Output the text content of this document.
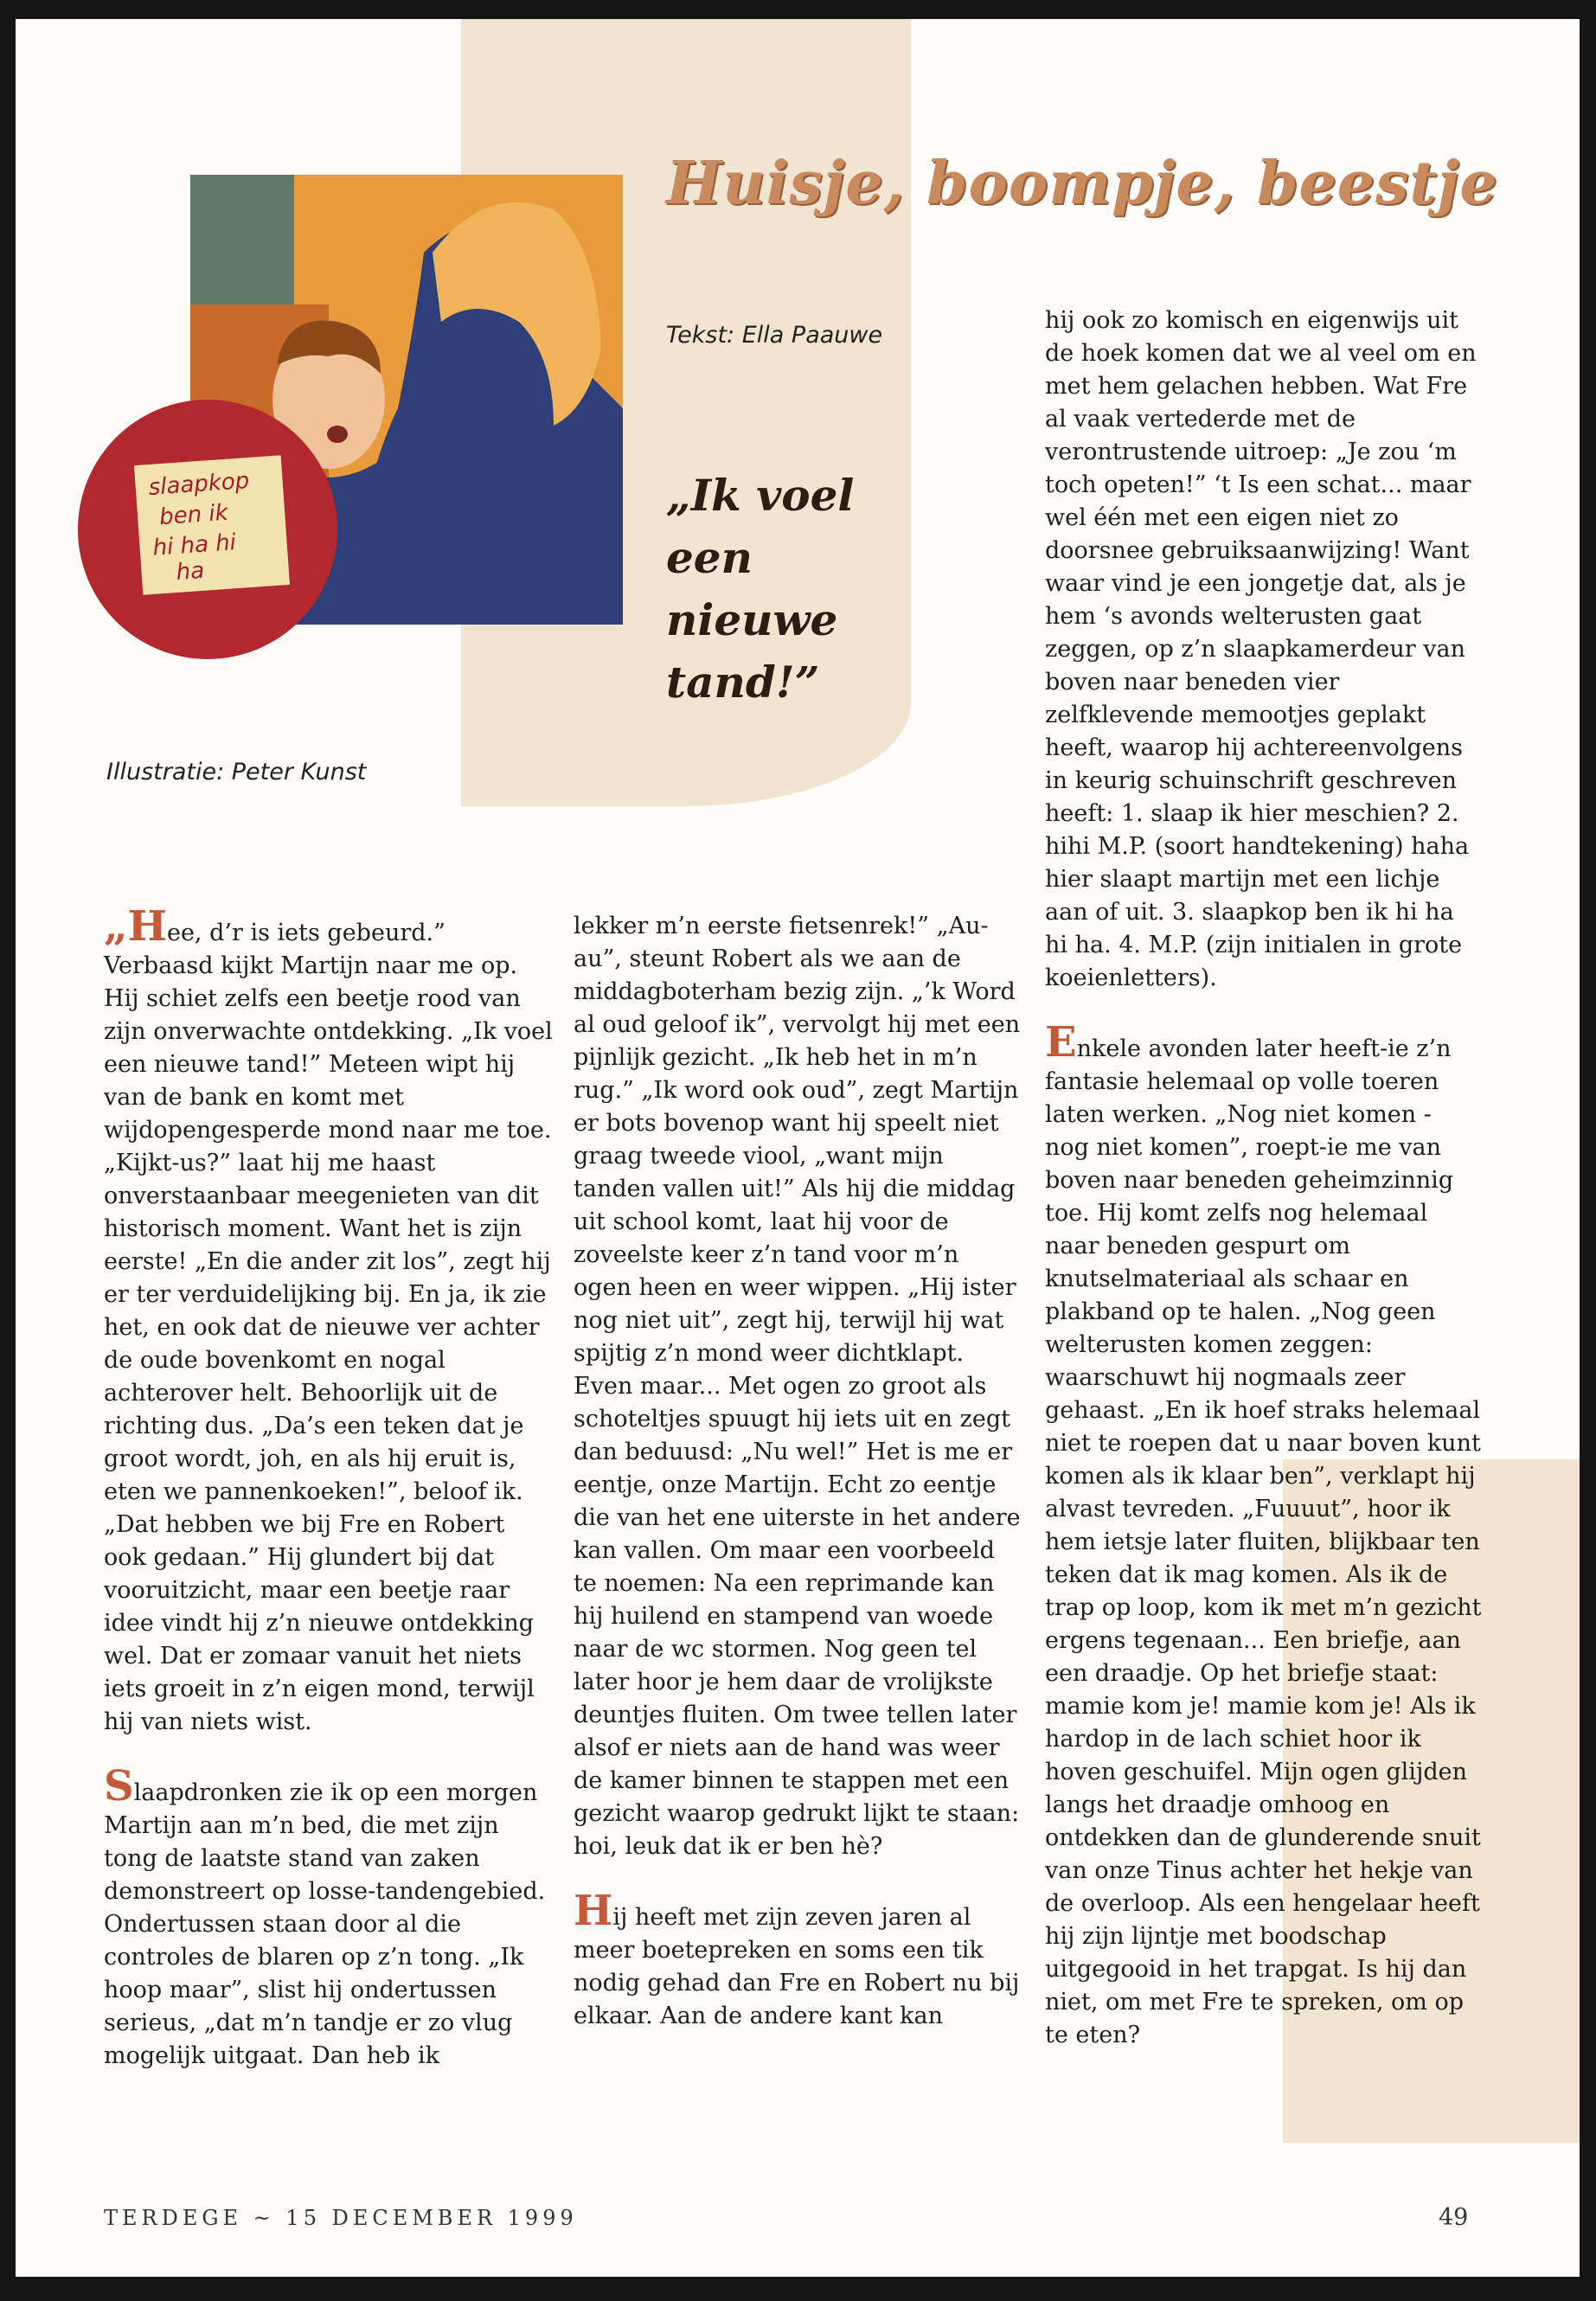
slaapkop
ben ik
hi ha hi
ha
Huisje, boompje, beestje
Tekst: Ella Paauwe
„Ik voel een nieuwe tand!”
Illustratie: Peter Kunst

„Hee, d’r is iets gebeurd.” Verbaasd kijkt Martijn naar me op. Hij schiet zelfs een beetje rood van zijn onverwachte ontdekking. „Ik voel een nieuwe tand!” Meteen wipt hij van de bank en komt met wijdopengesperde mond naar me toe. „Kijkt-us?” laat hij me haast onverstaanbaar meegenieten van dit historisch moment. Want het is zijn eerste! „En die ander zit los”, zegt hij er ter verduidelijking bij. En ja, ik zie het, en ook dat de nieuwe ver achter de oude bovenkomt en nogal achterover helt. Behoorlijk uit de richting dus. „Da’s een teken dat je groot wordt, joh, en als hij eruit is, eten we pannenkoeken!”, beloof ik. „Dat hebben we bij Fre en Robert ook gedaan.” Hij glundert bij dat vooruitzicht, maar een beetje raar idee vindt hij z’n nieuwe ontdekking wel. Dat er zomaar vanuit het niets iets groeit in z’n eigen mond, terwijl hij van niets wist.

Slaapdronken zie ik op een morgen Martijn aan m’n bed, die met zijn tong de laatste stand van zaken demonstreert op losse-tandengebied. Ondertussen staan door al die controles de blaren op z’n tong. „Ik hoop maar”, slist hij ondertussen serieus, „dat m’n tandje er zo vlug mogelijk uitgaat. Dan heb ik

lekker m’n eerste fietsenrek!” „Au-au”, steunt Robert als we aan de middagboterham bezig zijn. „’k Word al oud geloof ik”, vervolgt hij met een pijnlijk gezicht. „Ik heb het in m’n rug.” „Ik word ook oud”, zegt Martijn er bots bovenop want hij speelt niet graag tweede viool, „want mijn tanden vallen uit!” Als hij die middag uit school komt, laat hij voor de zoveelste keer z’n tand voor m’n ogen heen en weer wippen. „Hij ister nog niet uit”, zegt hij, terwijl hij wat spijtig z’n mond weer dichtklapt. Even maar... Met ogen zo groot als schoteltjes spuugt hij iets uit en zegt dan beduusd: „Nu wel!” Het is me er eentje, onze Martijn. Echt zo eentje die van het ene uiterste in het andere kan vallen. Om maar een voorbeeld te noemen: Na een reprimande kan hij huilend en stampend van woede naar de wc stormen. Nog geen tel later hoor je hem daar de vrolijkste deuntjes fluiten. Om twee tellen later alsof er niets aan de hand was weer de kamer binnen te stappen met een gezicht waarop gedrukt lijkt te staan: hoi, leuk dat ik er ben hè?

Hij heeft met zijn zeven jaren al meer boetepreken en soms een tik nodig gehad dan Fre en Robert nu bij elkaar. Aan de andere kant kan

hij ook zo komisch en eigenwijs uit de hoek komen dat we al veel om en met hem gelachen hebben. Wat Fre al vaak vertederde met de verontrustende uitroep: „Je zou ‘m toch opeten!” ‘t Is een schat... maar wel één met een eigen niet zo doorsnee gebruiksaanwijzing! Want waar vind je een jongetje dat, als je hem ‘s avonds welterusten gaat zeggen, op z’n slaapkamerdeur van boven naar beneden vier zelfklevende memootjes geplakt heeft, waarop hij achtereenvolgens in keurig schuinschrift geschreven heeft: 1. slaap ik hier meschien? 2. hihi M.P. (soort handtekening) haha hier slaapt martijn met een lichje aan of uit. 3. slaapkop ben ik hi ha hi ha. 4. M.P. (zijn initialen in grote koeienletters).

Enkele avonden later heeft-ie z’n fantasie helemaal op volle toeren laten werken. „Nog niet komen - nog niet komen”, roept-ie me van boven naar beneden geheimzinnig toe. Hij komt zelfs nog helemaal naar beneden gespurt om knutselmateriaal als schaar en plakband op te halen. „Nog geen welterusten komen zeggen: waarschuwt hij nogmaals zeer gehaast. „En ik hoef straks helemaal niet te roepen dat u naar boven kunt komen als ik klaar ben”, verklapt hij alvast tevreden. „Fuuuut”, hoor ik hem ietsje later fluiten, blijkbaar ten teken dat ik mag komen. Als ik de trap op loop, kom ik met m’n gezicht ergens tegenaan... Een briefje, aan een draadje. Op het briefje staat: mamie kom je! mamie kom je! Als ik hardop in de lach schiet hoor ik hoven geschuifel. Mijn ogen glijden langs het draadje omhoog en ontdekken dan de glunderende snuit van onze Tinus achter het hekje van de overloop. Als een hengelaar heeft hij zijn lijntje met boodschap uitgegooid in het trapgat. Is hij dan niet, om met Fre te spreken, om op te eten?

TERDEGE ~ 15 DECEMBER 1999	49
